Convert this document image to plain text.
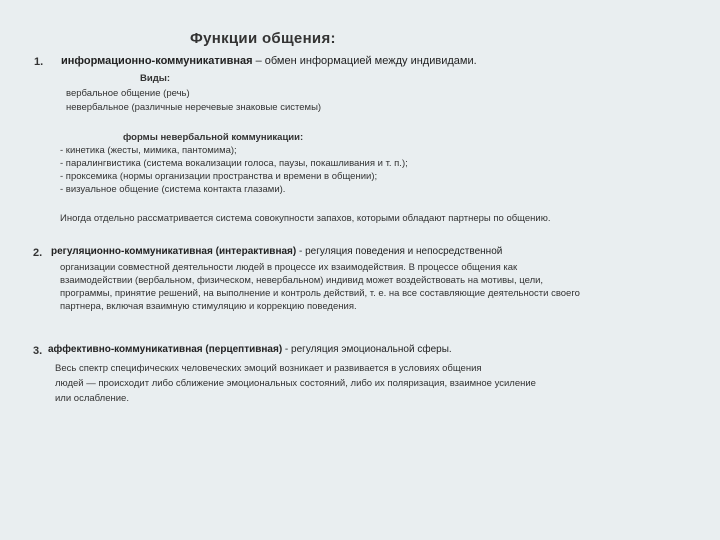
Функции общения:
1. информационно-коммуникативная – обмен информацией между индивидами.
Виды:
вербальное общение (речь)
невербальное (различные неречевые знаковые системы)
формы невербальной коммуникации:
- кинетика (жесты, мимика, пантомима);
- паралингвистика (система вокализации голоса, паузы, покашливания и т. п.);
- проксемика (нормы организации пространства и времени в общении);
- визуальное общение (система контакта глазами).
Иногда отдельно рассматривается система совокупности запахов, которыми обладают партнеры по общению.
2. регуляционно-коммуникативная (интерактивная) - регуляция поведения и непосредственной
организации совместной деятельности людей в процессе их взаимодействия. В процессе общения как
взаимодействии (вербальном, физическом, невербальном) индивид может воздействовать на мотивы, цели,
программы, принятие решений, на выполнение и контроль действий, т. е. на все составляющие деятельности своего
партнера, включая взаимную стимуляцию и коррекцию поведения.
3. аффективно-коммуникативная (перцептивная) - регуляция эмоциональной сферы.
Весь спектр специфических человеческих эмоций возникает и развивается в условиях общения
людей — происходит либо сближение эмоциональных состояний, либо их поляризация, взаимное усиление
или ослабление.
